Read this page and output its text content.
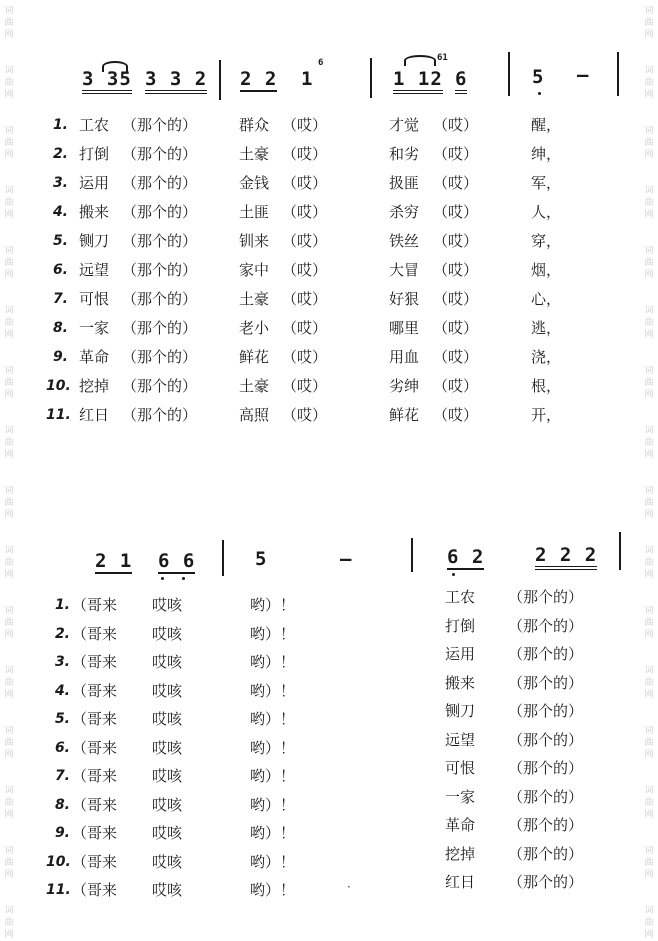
词
曲
网
词
曲
网
词
曲
网
词
曲
网
词
曲
网
词
曲
网
词
曲
网
词
曲
网
词
曲
网
词
曲
网
词
曲
网
词
曲
网
词
曲
网
词
曲
网
词
曲
网
词
曲
网
词
曲
网
词
曲
网
词
曲
网
词
曲
网
词
曲
网
词
曲
网
词
曲
网
词
曲
网
词
曲
网
词
曲
网
词
曲
网
词
曲
网
词
曲
网
词
曲
网
词
曲
网
词
曲
网
3 35 3 3 2 2 2 1
6
1 12
61
6	5 –
1. 工农 （那个的）	群众 （哎）	才觉 （哎）	醒，
2. 打倒 （那个的）	土豪 （哎）	和劣 （哎）	绅，
3. 运用 （那个的）	金钱 （哎）	扱匪 （哎）	军，
4. 搬来 （那个的）	土匪 （哎）	杀穷 （哎）	人，
5. 铡刀 （那个的）	钏来 （哎）	铁丝 （哎）	穿，
6. 远望 （那个的）	家中 （哎）	大冒 （哎）	烟，
7. 可恨 （那个的）	土豪 （哎）	好狠 （哎）	心，
8. 一家 （那个的）	老小 （哎）	哪里 （哎）	逃，
9. 革命 （那个的）	鲜花 （哎）	用血 （哎）	浇，
10. 挖掉 （那个的）	土豪 （哎）	劣绅 （哎）	根，
11. 红日 （那个的）	高照 （哎）	鲜花 （哎）	开，
2 1 6 6	5	–	6 2	2 2 2
1. （哥来 哎咳	哟）！	工农 （那个的）
2. （哥来 哎咳	哟）！	打倒 （那个的）
3. （哥来 哎咳	哟）！	运用 （那个的）
4. （哥来 哎咳	哟）！	搬来 （那个的）
5. （哥来 哎咳	哟）！	铡刀 （那个的）
6. （哥来 哎咳	哟）！	远望 （那个的）
7. （哥来 哎咳	哟）！	可恨 （那个的）
8. （哥来 哎咳	哟）！	一家 （那个的）
9. （哥来 哎咳	哟）！	革命 （那个的）
10. （哥来 哎咳	哟）！	挖掉 （那个的）
11. （哥来 哎咳	哟）！	红日 （那个的）
·
